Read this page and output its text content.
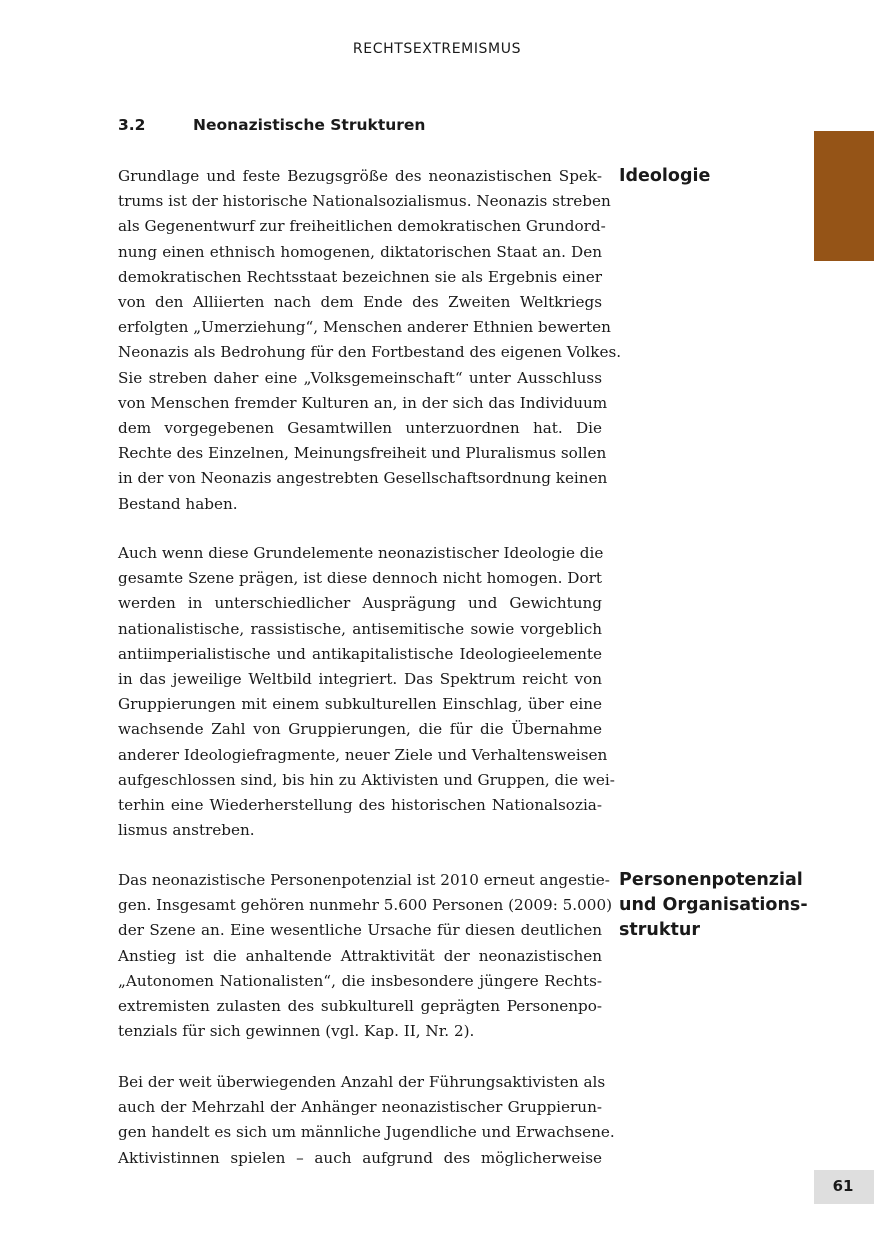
RECHTSEXTREMISMUS
3.2	Neonazistische Strukturen
Grundlage und feste Bezugsgröße des neonazistischen Spek-
trums ist der historische Nationalsozialismus. Neonazis streben
als Gegenentwurf zur freiheitlichen demokratischen Grundord-
nung einen ethnisch homogenen, diktatorischen Staat an. Den
demokratischen Rechtsstaat bezeichnen sie als Ergebnis einer
von den Alliierten nach dem Ende des Zweiten Weltkriegs
erfolgten „Umerziehung“, Menschen anderer Ethnien bewerten
Neonazis als Bedrohung für den Fortbestand des eigenen Volkes.
Sie streben daher eine „Volksgemeinschaft“ unter Ausschluss
von Menschen fremder Kulturen an, in der sich das Individuum
dem vorgegebenen Gesamtwillen unterzuordnen hat. Die
Rechte des Einzelnen, Meinungsfreiheit und Pluralismus sollen
in der von Neonazis angestrebten Gesellschaftsordnung keinen
Bestand haben.
Auch wenn diese Grundelemente neonazistischer Ideologie die
gesamte Szene prägen, ist diese dennoch nicht homogen. Dort
werden in unterschiedlicher Ausprägung und Gewichtung
nationalistische, rassistische, antisemitische sowie vorgeblich
antiimperialistische und antikapitalistische Ideologieelemente
in das jeweilige Weltbild integriert. Das Spektrum reicht von
Gruppierungen mit einem subkulturellen Einschlag, über eine
wachsende Zahl von Gruppierungen, die für die Übernahme
anderer Ideologiefragmente, neuer Ziele und Verhaltensweisen
aufgeschlossen sind, bis hin zu Aktivisten und Gruppen, die wei-
terhin eine Wiederherstellung des historischen Nationalsozia-
lismus anstreben.
Das neonazistische Personenpotenzial ist 2010 erneut angestie-
gen. Insgesamt gehören nunmehr 5.600 Personen (2009: 5.000)
der Szene an. Eine wesentliche Ursache für diesen deutlichen
Anstieg ist die anhaltende Attraktivität der neonazistischen
„Autonomen Nationalisten“, die insbesondere jüngere Rechts-
extremisten zulasten des subkulturell geprägten Personenpo-
tenzials für sich gewinnen (vgl. Kap. II, Nr. 2).
Bei der weit überwiegenden Anzahl der Führungsaktivisten als
auch der Mehrzahl der Anhänger neonazistischer Gruppierun-
gen handelt es sich um männliche Jugendliche und Erwachsene.
Aktivistinnen spielen – auch aufgrund des möglicherweise
Ideologie
Personenpotenzial
und Organisations-
struktur
61
